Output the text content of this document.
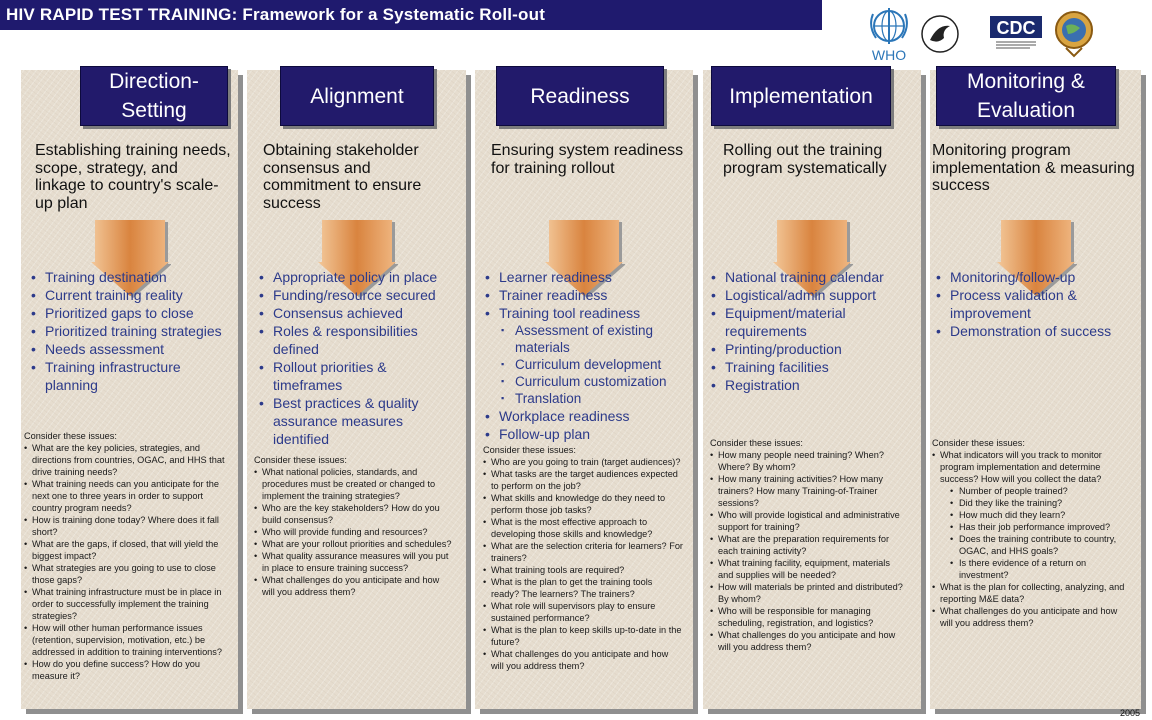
HIV RAPID TEST TRAINING: Framework for a Systematic Roll-out
WHO
CDC
Direction-Setting
Establishing training needs, scope, strategy, and linkage to country's scale-up plan
• Training destination
• Current training reality
• Prioritized gaps to close
• Prioritized training strategies
• Needs assessment
• Training infrastructure planning
Consider these issues:
• What are the key policies, strategies, and directions from countries, OGAC, and HHS that drive training needs?
• What training needs can you anticipate for the next one to three years in order to support country program needs?
• How is training done today? Where does it fall short?
• What are the gaps, if closed, that will yield the biggest impact?
• What strategies are you going to use to close those gaps?
• What training infrastructure must be in place in order to successfully implement the training strategies?
• How will other human performance issues (retention, supervision, motivation, etc.) be addressed in addition to training interventions?
• How do you define success? How do you measure it?
Alignment
Obtaining stakeholder consensus and commitment to ensure success
• Appropriate policy in place
• Funding/resource secured
• Consensus achieved
• Roles & responsibilities defined
• Rollout priorities & timeframes
• Best practices & quality assurance measures identified
Consider these issues:
• What national policies, standards, and procedures must be created or changed to implement the training strategies?
• Who are the key stakeholders? How do you build consensus?
• Who will provide funding and resources?
• What are your rollout priorities and schedules?
• What quality assurance measures will you put in place to ensure training success?
• What challenges do you anticipate and how will you address them?
Readiness
Ensuring system readiness for training rollout
• Learner readiness
• Trainer readiness
• Training tool readiness
▪ Assessment of existing materials
▪ Curriculum development
▪ Curriculum customization
▪ Translation
• Workplace readiness
• Follow-up plan
Consider these issues:
• Who are you going to train (target audiences)?
• What tasks are the target audiences expected to perform on the job?
• What skills and knowledge do they need to perform those job tasks?
• What is the most effective approach to developing those skills and knowledge?
• What are the selection criteria for learners? For trainers?
• What training tools are required?
• What is the plan to get the training tools ready? The learners? The trainers?
• What role will supervisors play to ensure sustained performance?
• What is the plan to keep skills up-to-date in the future?
• What challenges do you anticipate and how will you address them?
Implementation
Rolling out the training program systematically
• National training calendar
• Logistical/admin support
• Equipment/material requirements
• Printing/production
• Training facilities
• Registration
Consider these issues:
• How many people need training? When? Where? By whom?
• How many training activities? How many trainers? How many Training-of-Trainer sessions?
• Who will provide logistical and administrative support for training?
• What are the preparation requirements for each training activity?
• What training facility, equipment, materials and supplies will be needed?
• How will materials be printed and distributed? By whom?
• Who will be responsible for managing scheduling, registration, and logistics?
• What challenges do you anticipate and how will you address them?
Monitoring & Evaluation
Monitoring program implementation & measuring success
• Monitoring/follow-up
• Process validation & improvement
• Demonstration of success
Consider these issues:
• What indicators will you track to monitor program implementation and determine success? How will you collect the data?
• Number of people trained?
• Did they like the training?
• How much did they learn?
• Has their job performance improved?
• Does the training contribute to country, OGAC, and HHS goals?
• Is there evidence of a return on investment?
• What is the plan for collecting, analyzing, and reporting M&E data?
• What challenges do you anticipate and how will you address them?
2005
